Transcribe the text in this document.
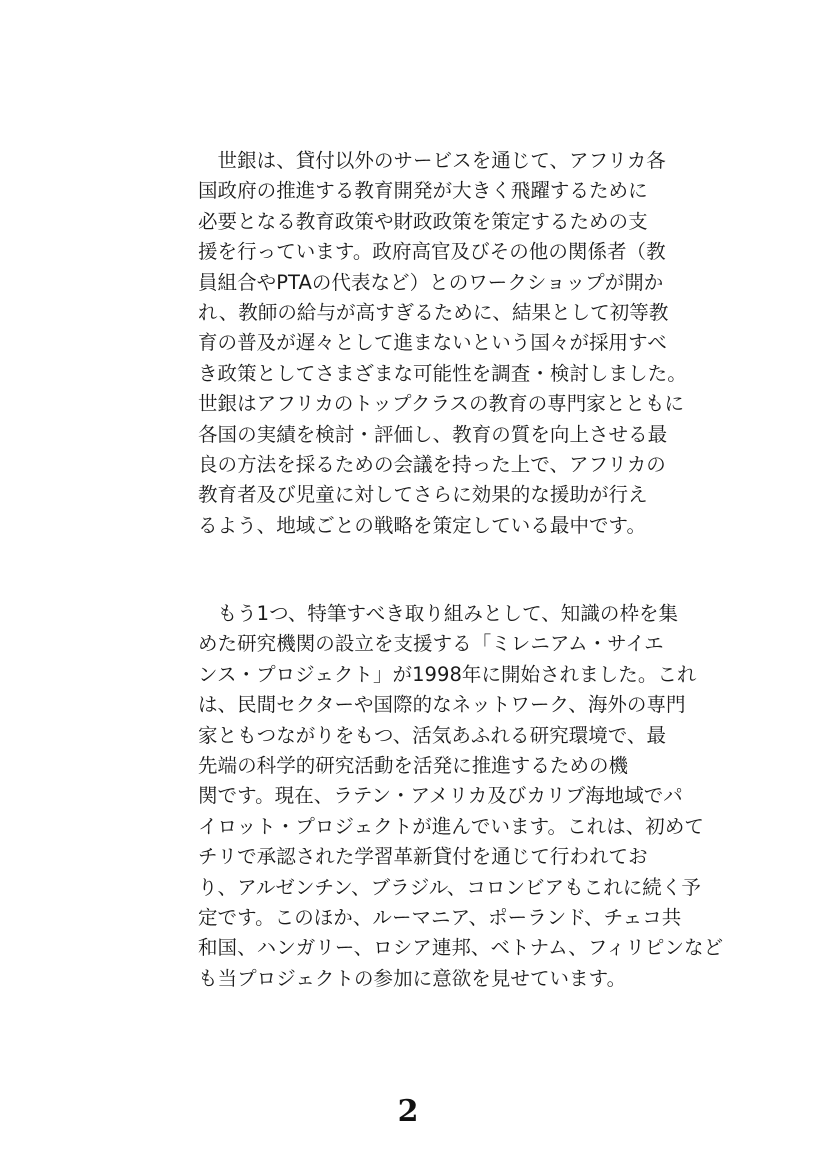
　世銀は、貸付以外のサービスを通じて、アフリカ各
国政府の推進する教育開発が大きく飛躍するために
必要となる教育政策や財政政策を策定するための支
援を行っています。政府高官及びその他の関係者（教
員組合やPTAの代表など）とのワークショップが開か
れ、教師の給与が高すぎるために、結果として初等教
育の普及が遅々として進まないという国々が採用すべ
き政策としてさまざまな可能性を調査・検討しました。
世銀はアフリカのトップクラスの教育の専門家とともに
各国の実績を検討・評価し、教育の質を向上させる最
良の方法を採るための会議を持った上で、アフリカの
教育者及び児童に対してさらに効果的な援助が行え
るよう、地域ごとの戦略を策定している最中です。
　もう1つ、特筆すべき取り組みとして、知識の枠を集
めた研究機関の設立を支援する「ミレニアム・サイエ
ンス・プロジェクト」が1998年に開始されました。これ
は、民間セクターや国際的なネットワーク、海外の専門
家ともつながりをもつ、活気あふれる研究環境で、最
先端の科学的研究活動を活発に推進するための機
関です。現在、ラテン・アメリカ及びカリブ海地域でパ
イロット・プロジェクトが進んでいます。これは、初めて
チリで承認された学習革新貸付を通じて行われてお
り、アルゼンチン、ブラジル、コロンビアもこれに続く予
定です。このほか、ルーマニア、ポーランド、チェコ共
和国、ハンガリー、ロシア連邦、ベトナム、フィリピンなど
も当プロジェクトの参加に意欲を見せています。
2
